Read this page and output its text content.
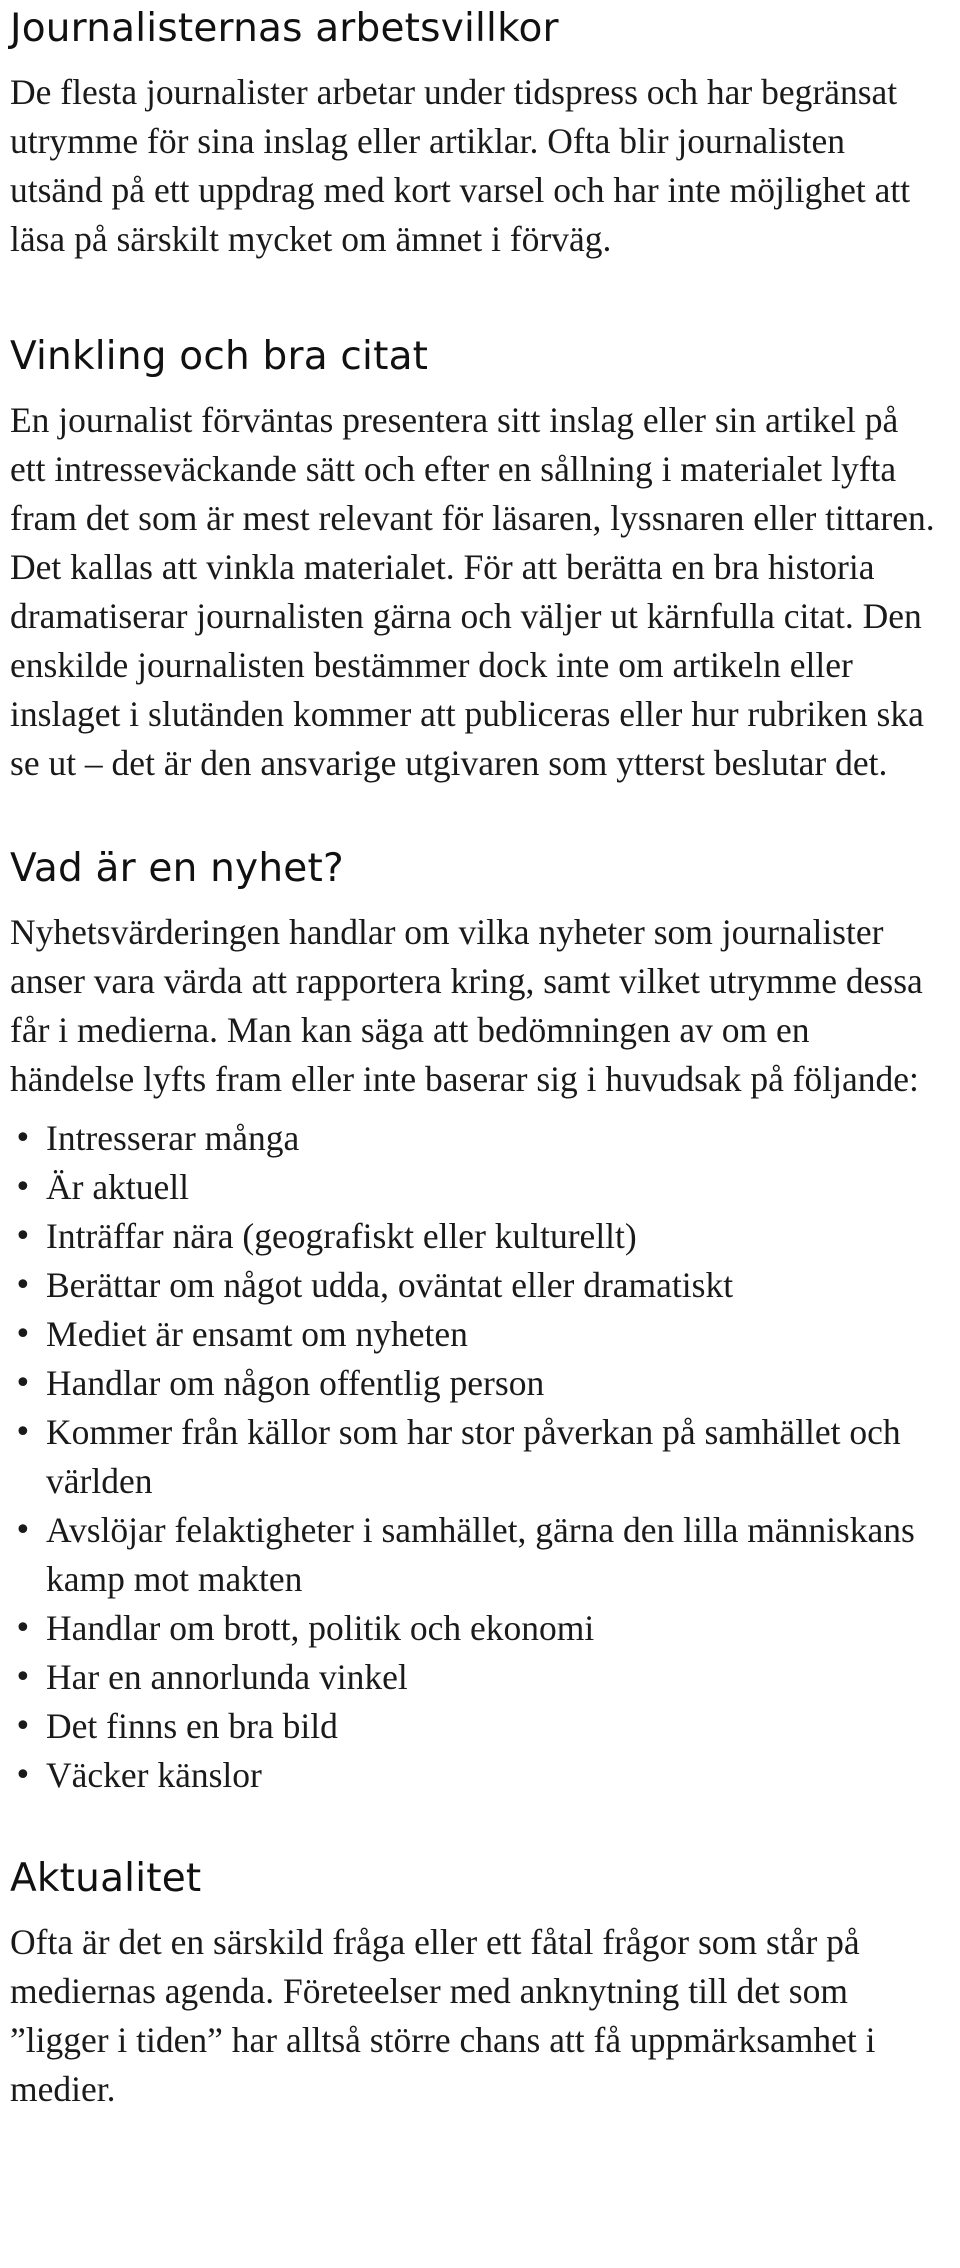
Journalisternas arbetsvillkor

De flesta journalister arbetar under tidspress och har begränsat utrymme för sina inslag eller artiklar. Ofta blir journalisten utsänd på ett uppdrag med kort varsel och har inte möjlighet att läsa på särskilt mycket om ämnet i förväg.

Vinkling och bra citat

En journalist förväntas presentera sitt inslag eller sin artikel på ett intresseväckande sätt och efter en sållning i materialet lyfta fram det som är mest relevant för läsaren, lyssnaren eller tittaren. Det kallas att vinkla materialet. För att berätta en bra historia dramatiserar journalisten gärna och väljer ut kärnfulla citat. Den enskilde journalisten bestämmer dock inte om artikeln eller inslaget i slutänden kommer att publiceras eller hur rubriken ska se ut – det är den ansvarige utgivaren som ytterst beslutar det.

Vad är en nyhet?

Nyhetsvärderingen handlar om vilka nyheter som journalister anser vara värda att rapportera kring, samt vilket utrymme dessa får i medierna. Man kan säga att bedömningen av om en händelse lyfts fram eller inte baserar sig i huvudsak på följande:

• Intresserar många
• Är aktuell
• Inträffar nära (geografiskt eller kulturellt)
• Berättar om något udda, oväntat eller dramatiskt
• Mediet är ensamt om nyheten
• Handlar om någon offentlig person
• Kommer från källor som har stor påverkan på samhället och världen
• Avslöjar felaktigheter i samhället, gärna den lilla människans kamp mot makten
• Handlar om brott, politik och ekonomi
• Har en annorlunda vinkel
• Det finns en bra bild
• Väcker känslor
Aktualitet

Ofta är det en särskild fråga eller ett fåtal frågor som står på mediernas agenda. Företeelser med anknytning till det som ”ligger i tiden” har alltså större chans att få uppmärksamhet i medier.
